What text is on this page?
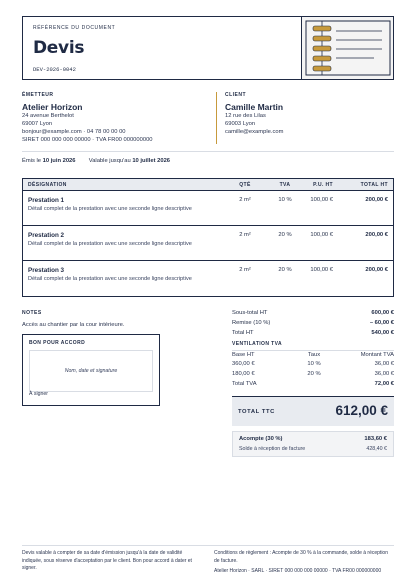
RÉFÉRENCE DU DOCUMENT
Devis
DEV-2026-0042
ÉMETTEUR
Atelier Horizon
24 avenue Berthelot
69007 Lyon
bonjour@example.com · 04 78 00 00 00
SIRET 000 000 000 00000 · TVA FR00 000000000
CLIENT
Camille Martin
12 rue des Lilas
69003 Lyon
camille@example.com
Émis le 10 juin 2026 Valable jusqu'au 10 juillet 2026
DÉSIGNATION	QTÉ	TVA	P.U. HT	TOTAL HT
Prestation 1
Détail complet de la prestation avec une seconde ligne descriptive
2 m²	10 %	100,00 €	200,00 €
Prestation 2
Détail complet de la prestation avec une seconde ligne descriptive
2 m²	20 %	100,00 €	200,00 €
Prestation 3
Détail complet de la prestation avec une seconde ligne descriptive
2 m²	20 %	100,00 €	200,00 €
NOTES
Accès au chantier par la cour intérieure.
BON POUR ACCORD
Nom, date et signature
À signer
Sous-total HT	600,00 €
Remise (10 %)	– 60,00 €
Total HT	540,00 €
VENTILATION TVA
Base HT	Taux	Montant TVA
360,00 €	10 %	36,00 €
180,00 €	20 %	36,00 €
Total TVA	72,00 €
TOTAL TTC	612,00 €
Acompte (30 %)	183,60 €
Solde à réception de facture	428,40 €
Devis valable à compter de sa date d'émission jusqu'à la date de validité indiquée, sous réserve d'acceptation par le client. Bon pour accord à dater et signer.
Conditions de règlement : Acompte de 30 % à la commande, solde à réception de facture.
Atelier Horizon · SARL · SIRET 000 000 000 00000 · TVA FR00 000000000
